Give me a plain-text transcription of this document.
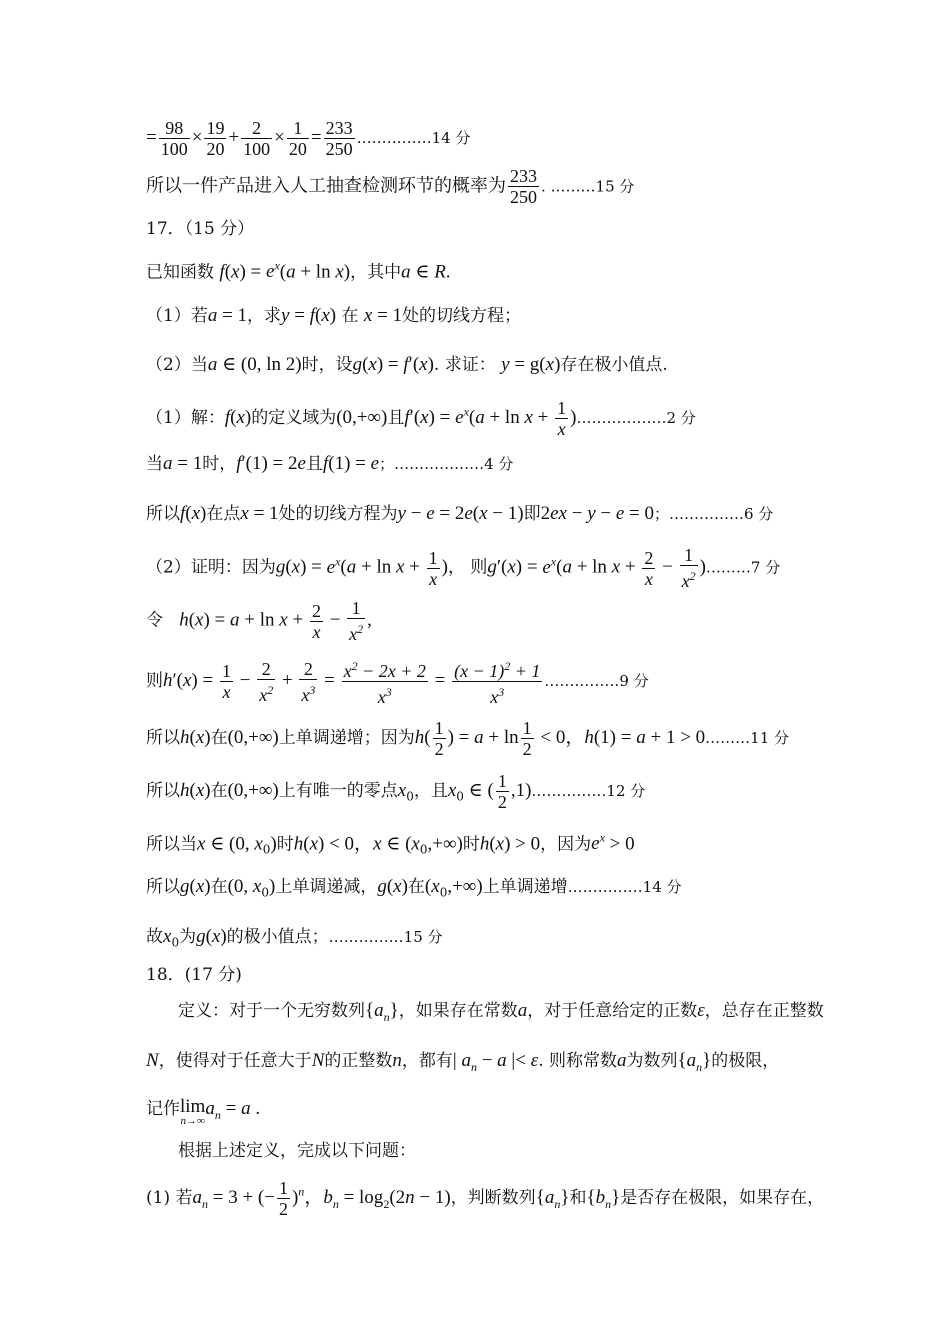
= $\frac{98}{100} \times \frac{19}{20} + \frac{2}{100} \times \frac{1}{20} = \frac{233}{250}$ ……………14 分
所以一件产品进入人工抽查检测环节的概率为 $\frac{233}{250}$ . ………15 分
17．（15 分）
已知函数 $f(x) = e^x(a + \ln x)$，其中a ∈ R.
（1）若a = 1，求y = f(x) 在 x = 1处的切线方程；
（2）当a ∈ (0, ln 2)时，设g(x) = f′(x). 求证： y = g(x)存在极小值点.
（1）解：f(x)的定义域为(0,+∞)且$f'(x) = e^x(a + \ln x + \frac{1}{x}$ )………………2 分
当a = 1时，f′(1) = 2e且f(1) = e；………………4 分
所以f(x)在点x = 1处的切线方程为y − e = 2e(x − 1)即2ex − y − e = 0；……………6 分
（2）证明：因为$g(x) = e^x(a + \ln x + \frac{1}{x}$ )， 则$g'(x) = e^x(a + \ln x + \frac{2}{x} - \frac{1}{x^2}$ )………7 分
令 $h(x) = a + \ln x + \frac{2}{x} - \frac{1}{x^2}$ ,
则$h'(x) = \frac{1}{x} - \frac{2}{x^2} + \frac{2}{x^3} = \frac{x^2 - 2x + 2}{x^3} = \frac{(x - 1)^2 + 1}{x^3}$ ……………9 分
所以h(x)在(0,+∞)上单调递增；因为$h( \frac{1}{2}$ ) = $a + \ln \frac{1}{2} < 0$，h(1) = a + 1 > 0………11 分
所以h(x)在(0,+∞)上有唯一的零点$x_0$，且$x_0$ ∈ ( $\frac{1}{2}$ ,1)……………12 分
所以当x ∈ (0, $x_0$)时h(x) < 0，x ∈ $(x_0,+\infty)$时h(x) > 0，因为$e^x > 0$
所以g(x)在(0, $x_0$)上单调递减，g(x)在$(x_0,+\infty)$上单调递增……………14 分
故$x_0$为g(x)的极小值点；……………15 分
18．(17 分)
定义：对于一个无穷数列$\{a_n\}$，如果存在常数a，对于任意给定的正数ε，总存在正整数
N，使得对于任意大于N的正整数n，都有| $a_n - a$ |< ε. 则称常数a为数列$\{a_n\}$的极限，
记作 lim
n→∞
$a_n = a$ .
根据上述定义，完成以下问题：
(1) 若$a_n = 3$ + (− $\frac{1}{2} )^n$，$b_n = \log_2(2n - 1)$，判断数列$\{a_n\}$和$\{b_n\}$是否存在极限，如果存在，
